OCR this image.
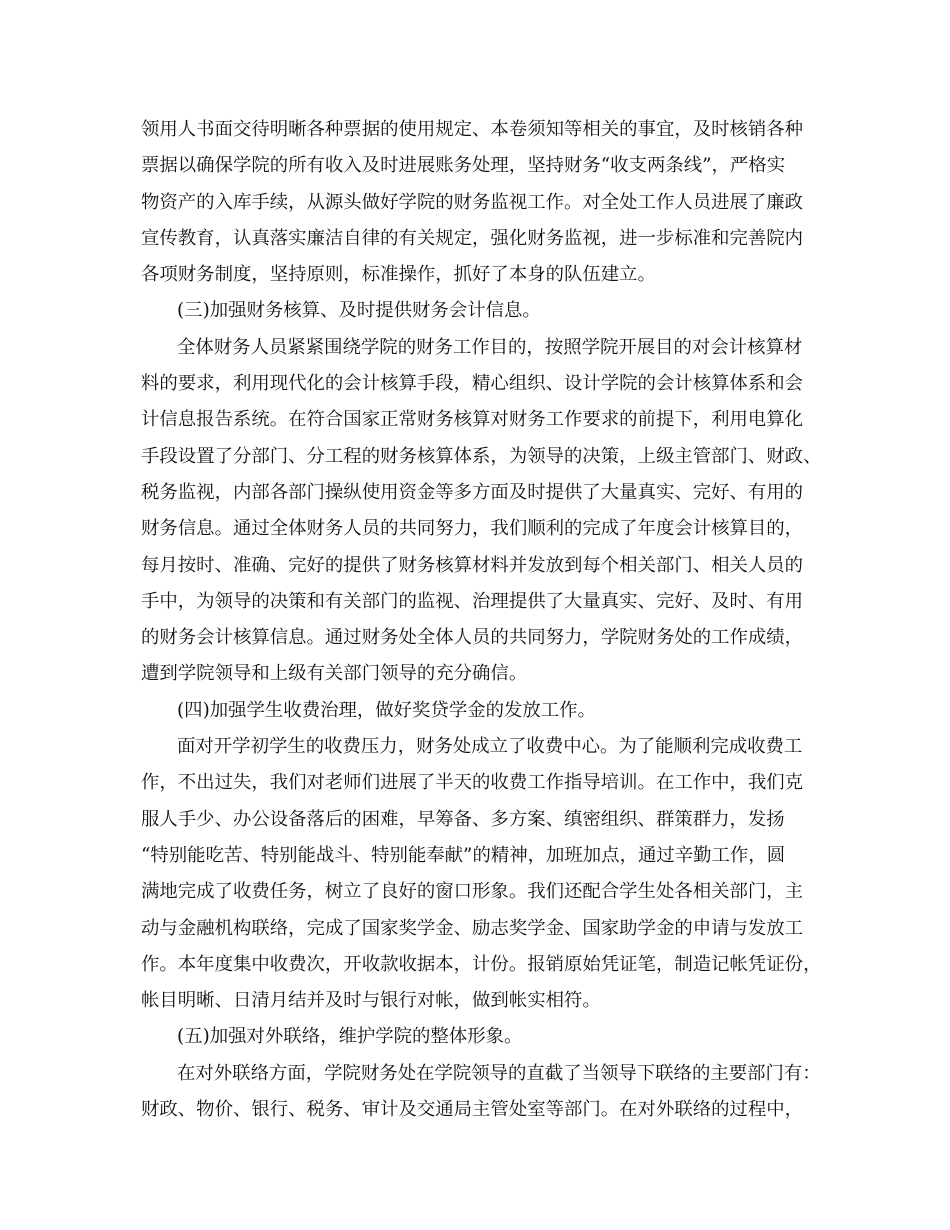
领用人书面交待明晰各种票据的使用规定、本卷须知等相关的事宜，及时核销各种
票据以确保学院的所有收入及时进展账务处理，坚持财务“收支两条线”，严格实
物资产的入库手续，从源头做好学院的财务监视工作。对全处工作人员进展了廉政
宣传教育，认真落实廉洁自律的有关规定，强化财务监视，进一步标准和完善院内
各项财务制度，坚持原则，标准操作，抓好了本身的队伍建立。
(三)加强财务核算、及时提供财务会计信息。
全体财务人员紧紧围绕学院的财务工作目的，按照学院开展目的对会计核算材
料的要求，利用现代化的会计核算手段，精心组织、设计学院的会计核算体系和会
计信息报告系统。在符合国家正常财务核算对财务工作要求的前提下，利用电算化
手段设置了分部门、分工程的财务核算体系，为领导的决策，上级主管部门、财政、
税务监视，内部各部门操纵使用资金等多方面及时提供了大量真实、完好、有用的
财务信息。通过全体财务人员的共同努力，我们顺利的完成了年度会计核算目的，
每月按时、准确、完好的提供了财务核算材料并发放到每个相关部门、相关人员的
手中，为领导的决策和有关部门的监视、治理提供了大量真实、完好、及时、有用
的财务会计核算信息。通过财务处全体人员的共同努力，学院财务处的工作成绩，
遭到学院领导和上级有关部门领导的充分确信。
(四)加强学生收费治理，做好奖贷学金的发放工作。
面对开学初学生的收费压力，财务处成立了收费中心。为了能顺利完成收费工
作，不出过失，我们对老师们进展了半天的收费工作指导培训。在工作中，我们克
服人手少、办公设备落后的困难，早筹备、多方案、缜密组织、群策群力，发扬
“特别能吃苦、特别能战斗、特别能奉献”的精神，加班加点，通过辛勤工作，圆
满地完成了收费任务，树立了良好的窗口形象。我们还配合学生处各相关部门，主
动与金融机构联络，完成了国家奖学金、励志奖学金、国家助学金的申请与发放工
作。本年度集中收费次，开收款收据本，计份。报销原始凭证笔，制造记帐凭证份，
帐目明晰、日清月结并及时与银行对帐，做到帐实相符。
(五)加强对外联络，维护学院的整体形象。
在对外联络方面，学院财务处在学院领导的直截了当领导下联络的主要部门有：
财政、物价、银行、税务、审计及交通局主管处室等部门。在对外联络的过程中，
